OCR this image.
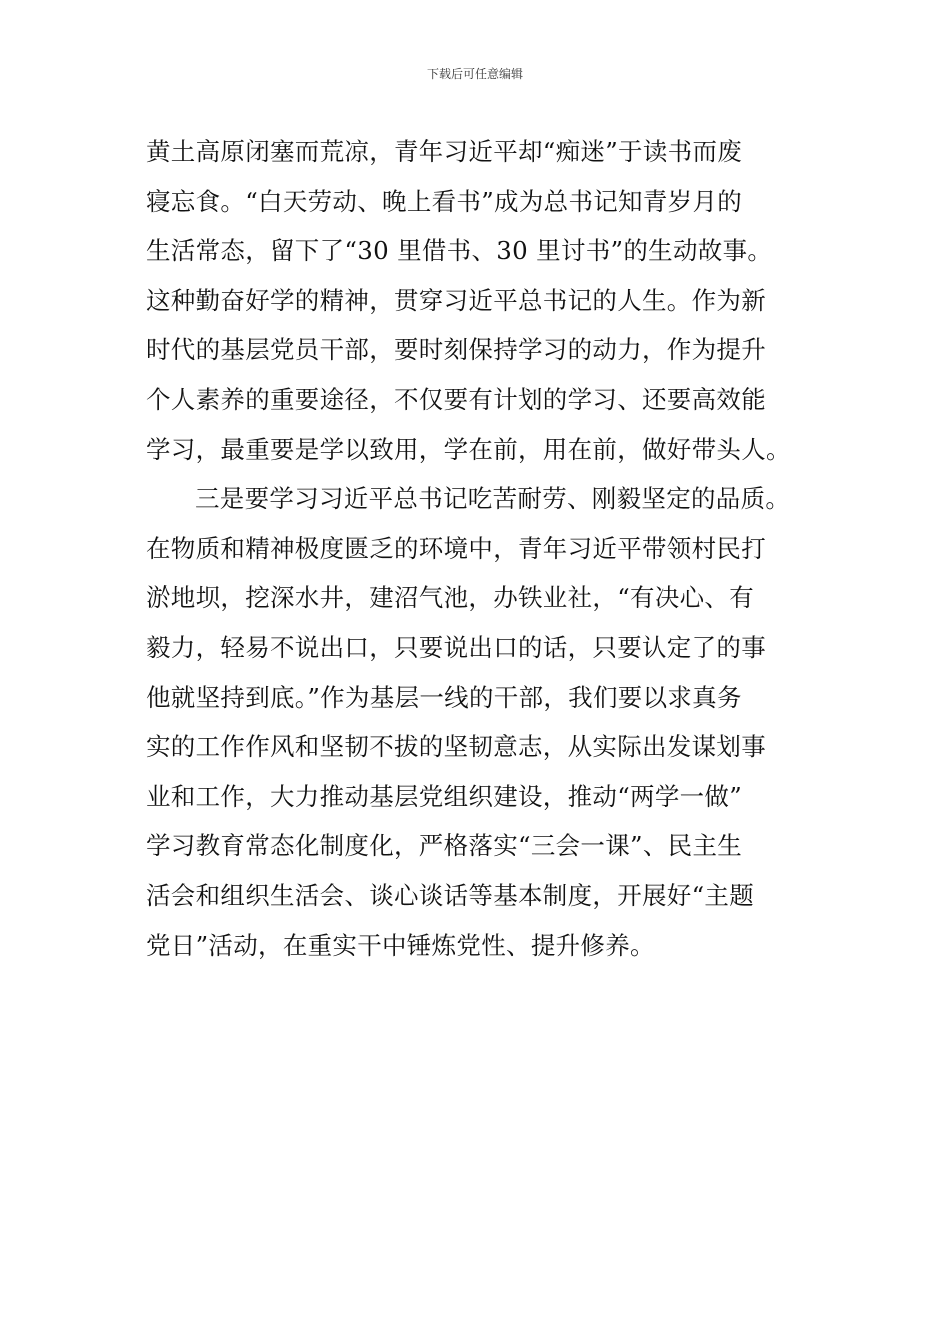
下载后可任意编辑
黄土高原闭塞而荒凉，青年习近平却“痴迷”于读书而废
寝忘食。“白天劳动、晚上看书”成为总书记知青岁月的
生活常态，留下了“30 里借书、30 里讨书”的生动故事。
这种勤奋好学的精神，贯穿习近平总书记的人生。作为新
时代的基层党员干部，要时刻保持学习的动力，作为提升
个人素养的重要途径，不仅要有计划的学习、还要高效能
学习，最重要是学以致用，学在前，用在前，做好带头人。
三是要学习习近平总书记吃苦耐劳、刚毅坚定的品质。
在物质和精神极度匮乏的环境中，青年习近平带领村民打
淤地坝，挖深水井，建沼气池，办铁业社，“有决心、有
毅力，轻易不说出口，只要说出口的话，只要认定了的事
他就坚持到底。”作为基层一线的干部，我们要以求真务
实的工作作风和坚韧不拔的坚韧意志，从实际出发谋划事
业和工作，大力推动基层党组织建设，推动“两学一做”
学习教育常态化制度化，严格落实“三会一课”、民主生
活会和组织生活会、谈心谈话等基本制度，开展好“主题
党日”活动，在重实干中锤炼党性、提升修养。
